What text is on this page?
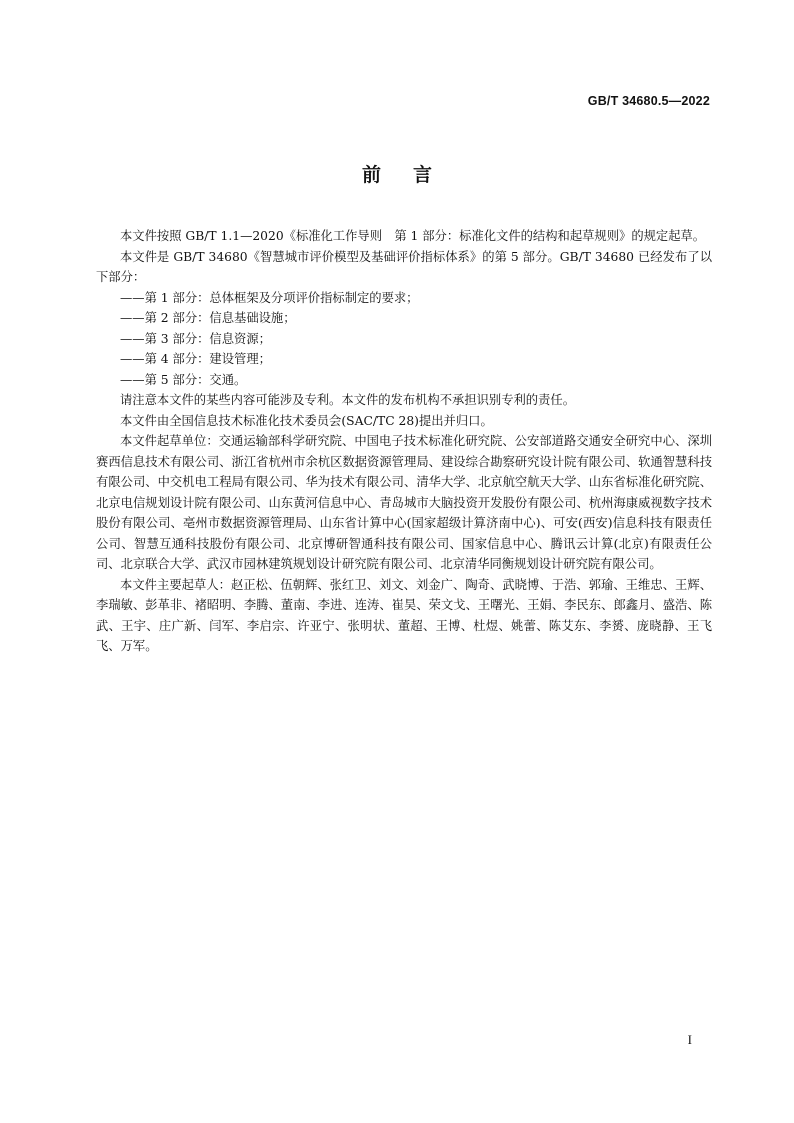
GB/T 34680.5—2022
前言

本文件按照 GB/T 1.1—2020《标准化工作导则　第 1 部分：标准化文件的结构和起草规则》的规定起草。

本文件是 GB/T 34680《智慧城市评价模型及基础评价指标体系》的第 5 部分。GB/T 34680 已经发布了以下部分：

——第 1 部分：总体框架及分项评价指标制定的要求；

——第 2 部分：信息基础设施；

——第 3 部分：信息资源；

——第 4 部分：建设管理；

——第 5 部分：交通。

请注意本文件的某些内容可能涉及专利。本文件的发布机构不承担识别专利的责任。

本文件由全国信息技术标准化技术委员会(SAC/TC 28)提出并归口。

本文件起草单位：交通运输部科学研究院、中国电子技术标准化研究院、公安部道路交通安全研究中心、深圳赛西信息技术有限公司、浙江省杭州市余杭区数据资源管理局、建设综合勘察研究设计院有限公司、软通智慧科技有限公司、中交机电工程局有限公司、华为技术有限公司、清华大学、北京航空航天大学、山东省标准化研究院、北京电信规划设计院有限公司、山东黄河信息中心、青岛城市大脑投资开发股份有限公司、杭州海康威视数字技术股份有限公司、亳州市数据资源管理局、山东省计算中心(国家超级计算济南中心)、可安(西安)信息科技有限责任公司、智慧互通科技股份有限公司、北京博研智通科技有限公司、国家信息中心、腾讯云计算(北京)有限责任公司、北京联合大学、武汉市园林建筑规划设计研究院有限公司、北京清华同衡规划设计研究院有限公司。

本文件主要起草人：赵正松、伍朝辉、张红卫、刘文、刘金广、陶奇、武晓博、于浩、郭瑜、王维忠、王辉、李瑞敏、彭革非、褚昭明、李腾、董南、李进、连涛、崔昊、荣文戈、王曙光、王娟、李民东、郎鑫月、盛浩、陈武、王宇、庄广新、闫军、李启宗、许亚宁、张明状、董超、王博、杜煜、姚蕾、陈艾东、李赟、庞晓静、王飞飞、万军。

I
